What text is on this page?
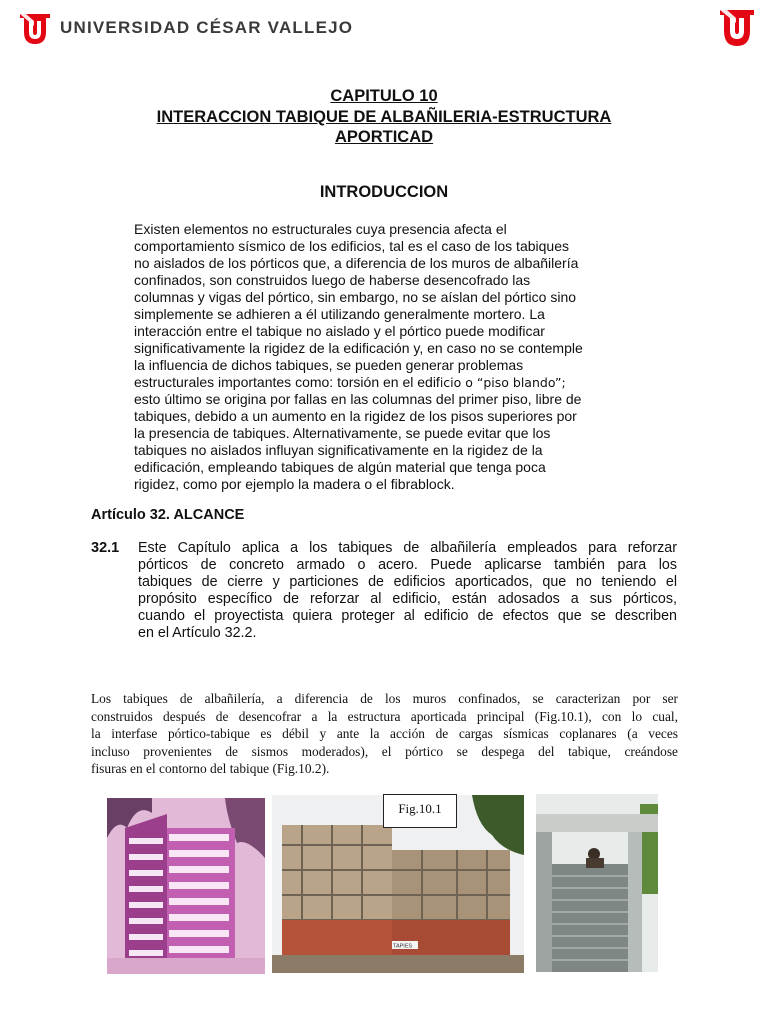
UNIVERSIDAD CÉSAR VALLEJO
CAPITULO 10
INTERACCION TABIQUE DE ALBAÑILERIA-ESTRUCTURA
APORTICAD
INTRODUCCION
Existen elementos no estructurales cuya presencia afecta el
comportamiento sísmico de los edificios, tal es el caso de los tabiques
no aislados de los pórticos que, a diferencia de los muros de albañilería
confinados, son construidos luego de haberse desencofrado las
columnas y vigas del pórtico, sin embargo, no se aíslan del pórtico sino
simplemente se adhieren a él utilizando generalmente mortero. La
interacción entre el tabique no aislado y el pórtico puede modificar
significativamente la rigidez de la edificación y, en caso no se contemple
la influencia de dichos tabiques, se pueden generar problemas
estructurales importantes como: torsión en el edificio o “piso blando”;
esto último se origina por fallas en las columnas del primer piso, libre de
tabiques, debido a un aumento en la rigidez de los pisos superiores por
la presencia de tabiques. Alternativamente, se puede evitar que los
tabiques no aislados influyan significativamente en la rigidez de la
edificación, empleando tabiques de algún material que tenga poca
rigidez, como por ejemplo la madera o el fibrablock.
Artículo 32. ALCANCE
32.1 Este Capítulo aplica a los tabiques de albañilería empleados para reforzar
pórticos de concreto armado o acero. Puede aplicarse también para los
tabiques de cierre y particiones de edificios aporticados, que no teniendo el
propósito específico de reforzar al edificio, están adosados a sus pórticos,
cuando el proyectista quiera proteger al edificio de efectos que se describen
en el Artículo 32.2.
Los tabiques de albañilería, a diferencia de los muros confinados, se caracterizan por ser
construidos después de desencofrar a la estructura aporticada principal (Fig.10.1), con lo cual,
la interfase pórtico-tabique es débil y ante la acción de cargas sísmicas coplanares (a veces
incluso provenientes de sismos moderados), el pórtico se despega del tabique, creándose
fisuras en el contorno del tabique (Fig.10.2).
TAPIES
Fig.10.1
